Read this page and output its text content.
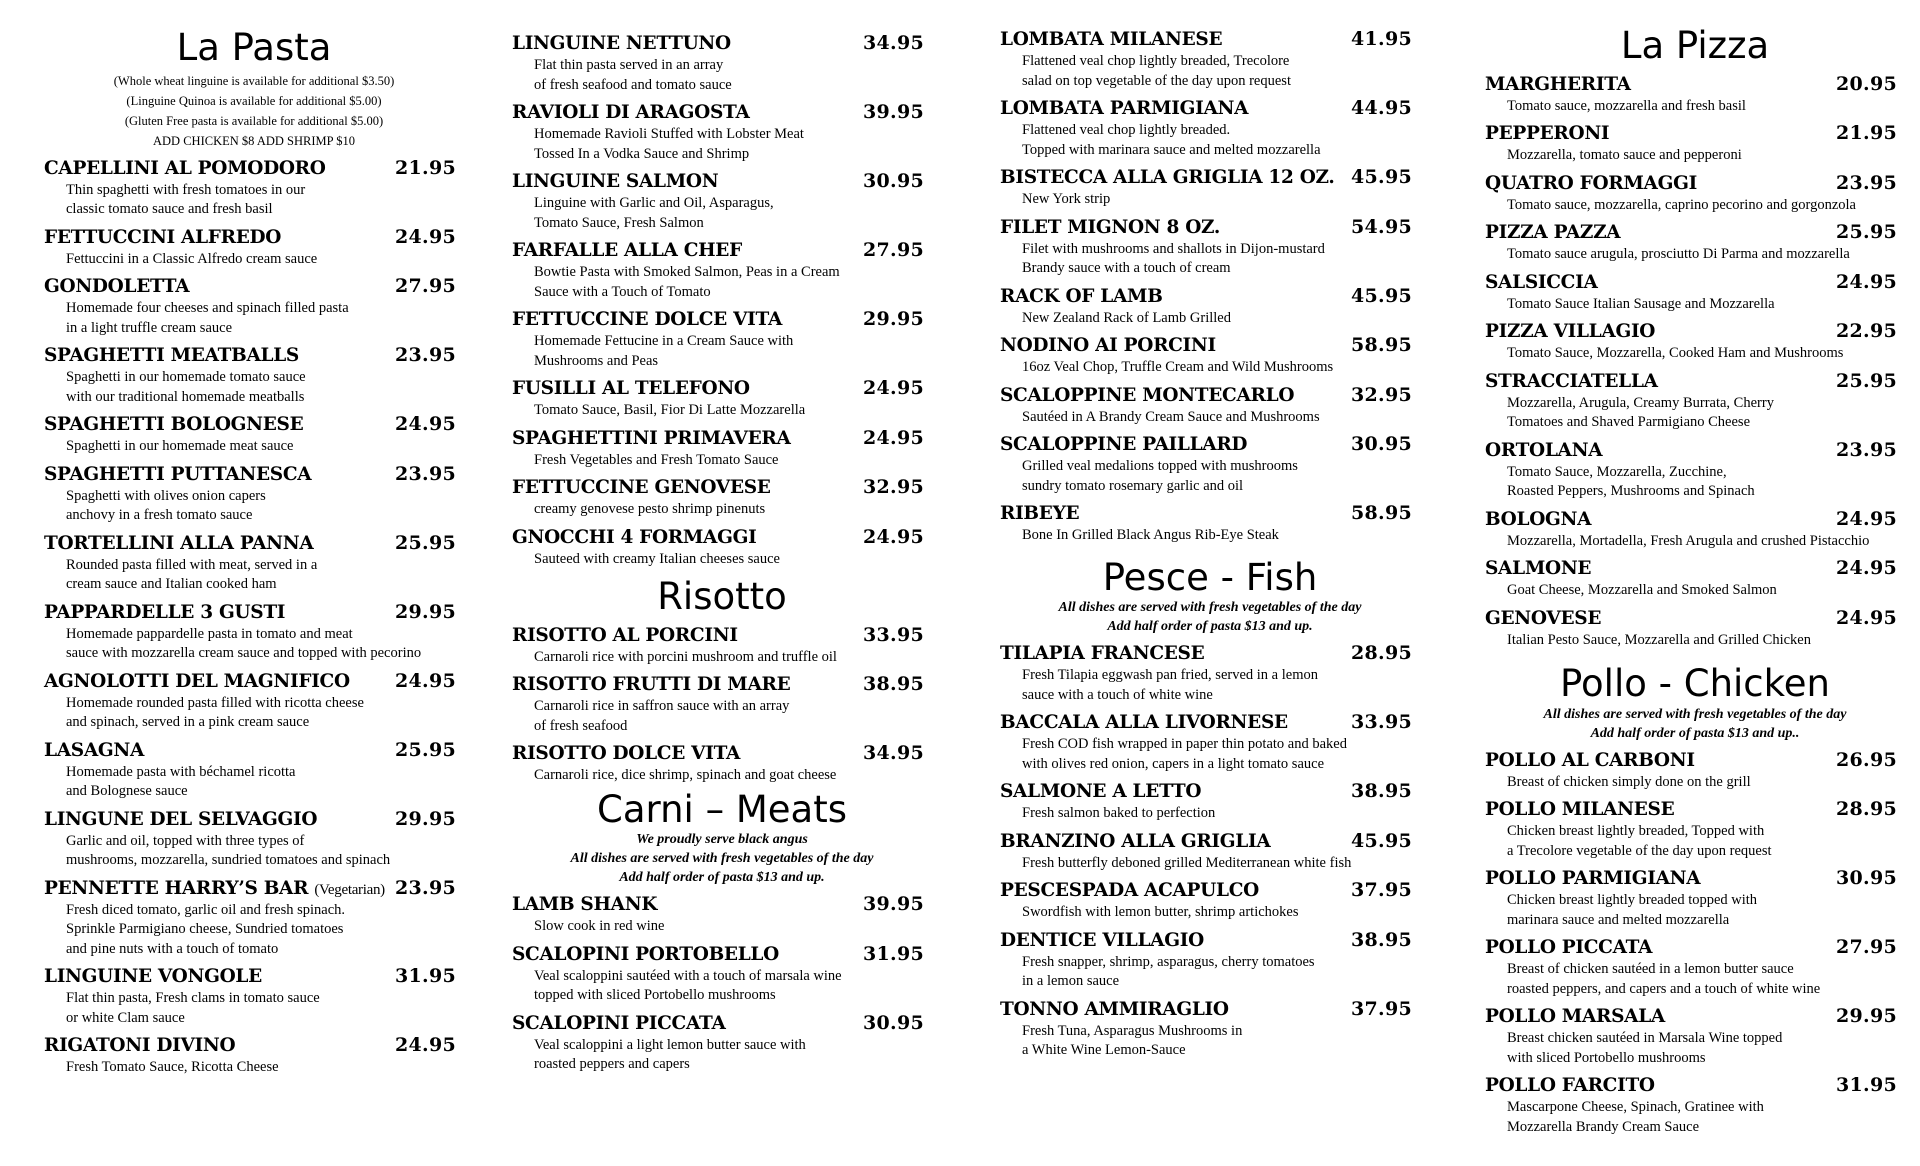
La Pasta
(Whole wheat linguine is available for additional $3.50)
(Linguine Quinoa is available for additional $5.00)
(Gluten Free pasta is available for additional $5.00)
ADD CHICKEN $8 ADD SHRIMP $10
CAPELLINI AL POMODORO	21.95
Thin spaghetti with fresh tomatoes in our
classic tomato sauce and fresh basil
FETTUCCINI ALFREDO	24.95
Fettuccini in a Classic Alfredo cream sauce
GONDOLETTA	27.95
Homemade four cheeses and spinach filled pasta
in a light truffle cream sauce
SPAGHETTI MEATBALLS	23.95
Spaghetti in our homemade tomato sauce
with our traditional homemade meatballs
SPAGHETTI BOLOGNESE	24.95
Spaghetti in our homemade meat sauce
SPAGHETTI PUTTANESCA	23.95
Spaghetti with olives onion capers
anchovy in a fresh tomato sauce
TORTELLINI ALLA PANNA	25.95
Rounded pasta filled with meat, served in a
cream sauce and Italian cooked ham
PAPPARDELLE 3 GUSTI	29.95
Homemade pappardelle pasta in tomato and meat
sauce with mozzarella cream sauce and topped with pecorino
AGNOLOTTI DEL MAGNIFICO 24.95
Homemade rounded pasta filled with ricotta cheese
and spinach, served in a pink cream sauce
LASAGNA	25.95
Homemade pasta with béchamel ricotta
and Bolognese sauce
LINGUNE DEL SELVAGGIO	29.95
Garlic and oil, topped with three types of
mushrooms, mozzarella, sundried tomatoes and spinach
PENNETTE HARRY’S BAR (Vegetarian) 23.95
Fresh diced tomato, garlic oil and fresh spinach.
Sprinkle Parmigiano cheese, Sundried tomatoes
and pine nuts with a touch of tomato
LINGUINE VONGOLE	31.95
Flat thin pasta, Fresh clams in tomato sauce
or white Clam sauce
RIGATONI DIVINO	24.95
Fresh Tomato Sauce, Ricotta Cheese
LINGUINE NETTUNO	34.95
Flat thin pasta served in an array
of fresh seafood and tomato sauce
RAVIOLI DI ARAGOSTA	39.95
Homemade Ravioli Stuffed with Lobster Meat
Tossed In a Vodka Sauce and Shrimp
LINGUINE SALMON	30.95
Linguine with Garlic and Oil, Asparagus,
Tomato Sauce, Fresh Salmon
FARFALLE ALLA CHEF	27.95
Bowtie Pasta with Smoked Salmon, Peas in a Cream
Sauce with a Touch of Tomato
FETTUCCINE DOLCE VITA	29.95
Homemade Fettucine in a Cream Sauce with
Mushrooms and Peas
FUSILLI AL TELEFONO	24.95
Tomato Sauce, Basil, Fior Di Latte Mozzarella
SPAGHETTINI PRIMAVERA	24.95
Fresh Vegetables and Fresh Tomato Sauce
FETTUCCINE GENOVESE	32.95
creamy genovese pesto shrimp pinenuts
GNOCCHI 4 FORMAGGI	24.95
Sauteed with creamy Italian cheeses sauce
Risotto
RISOTTO AL PORCINI	33.95
Carnaroli rice with porcini mushroom and truffle oil
RISOTTO FRUTTI DI MARE	38.95
Carnaroli rice in saffron sauce with an array
of fresh seafood
RISOTTO DOLCE VITA	34.95
Carnaroli rice, dice shrimp, spinach and goat cheese
Carni – Meats
We proudly serve black angus
All dishes are served with fresh vegetables of the day
Add half order of pasta $13 and up.
LAMB SHANK	39.95
Slow cook in red wine
SCALOPINI PORTOBELLO	31.95
Veal scaloppini sautéed with a touch of marsala wine
topped with sliced Portobello mushrooms
SCALOPINI PICCATA	30.95
Veal scaloppini a light lemon butter sauce with
roasted peppers and capers
LOMBATA MILANESE	41.95
Flattened veal chop lightly breaded, Trecolore
salad on top vegetable of the day upon request
LOMBATA PARMIGIANA	44.95
Flattened veal chop lightly breaded.
Topped with marinara sauce and melted mozzarella
BISTECCA ALLA GRIGLIA 12 OZ. 45.95
New York strip
FILET MIGNON 8 OZ.	54.95
Filet with mushrooms and shallots in Dijon-mustard
Brandy sauce with a touch of cream
RACK OF LAMB	45.95
New Zealand Rack of Lamb Grilled
NODINO AI PORCINI	58.95
16oz Veal Chop, Truffle Cream and Wild Mushrooms
SCALOPPINE MONTECARLO	32.95
Sautéed in A Brandy Cream Sauce and Mushrooms
SCALOPPINE PAILLARD	30.95
Grilled veal medalions topped with mushrooms
sundry tomato rosemary garlic and oil
RIBEYE	58.95
Bone In Grilled Black Angus Rib-Eye Steak
Pesce - Fish
All dishes are served with fresh vegetables of the day
Add half order of pasta $13 and up.
TILAPIA FRANCESE	28.95
Fresh Tilapia eggwash pan fried, served in a lemon
sauce with a touch of white wine
BACCALA ALLA LIVORNESE	33.95
Fresh COD fish wrapped in paper thin potato and baked
with olives red onion, capers in a light tomato sauce
SALMONE A LETTO	38.95
Fresh salmon baked to perfection
BRANZINO ALLA GRIGLIA	45.95
Fresh butterfly deboned grilled Mediterranean white fish
PESCESPADA ACAPULCO	37.95
Swordfish with lemon butter, shrimp artichokes
DENTICE VILLAGIO	38.95
Fresh snapper, shrimp, asparagus, cherry tomatoes
in a lemon sauce
TONNO AMMIRAGLIO	37.95
Fresh Tuna, Asparagus Mushrooms in
a White Wine Lemon-Sauce
La Pizza
MARGHERITA	20.95
Tomato sauce, mozzarella and fresh basil
PEPPERONI	21.95
Mozzarella, tomato sauce and pepperoni
QUATRO FORMAGGI	23.95
Tomato sauce, mozzarella, caprino pecorino and gorgonzola
PIZZA PAZZA	25.95
Tomato sauce arugula, prosciutto Di Parma and mozzarella
SALSICCIA	24.95
Tomato Sauce Italian Sausage and Mozzarella
PIZZA VILLAGIO	22.95
Tomato Sauce, Mozzarella, Cooked Ham and Mushrooms
STRACCIATELLA	25.95
Mozzarella, Arugula, Creamy Burrata, Cherry
Tomatoes and Shaved Parmigiano Cheese
ORTOLANA	23.95
Tomato Sauce, Mozzarella, Zucchine,
Roasted Peppers, Mushrooms and Spinach
BOLOGNA	24.95
Mozzarella, Mortadella, Fresh Arugula and crushed Pistacchio
SALMONE	24.95
Goat Cheese, Mozzarella and Smoked Salmon
GENOVESE	24.95
Italian Pesto Sauce, Mozzarella and Grilled Chicken
Pollo - Chicken
All dishes are served with fresh vegetables of the day
Add half order of pasta $13 and up..
POLLO AL CARBONI	26.95
Breast of chicken simply done on the grill
POLLO MILANESE	28.95
Chicken breast lightly breaded, Topped with
a Trecolore vegetable of the day upon request
POLLO PARMIGIANA	30.95
Chicken breast lightly breaded topped with
marinara sauce and melted mozzarella
POLLO PICCATA	27.95
Breast of chicken sautéed in a lemon butter sauce
roasted peppers, and capers and a touch of white wine
POLLO MARSALA	29.95
Breast chicken sautéed in Marsala Wine topped
with sliced Portobello mushrooms
POLLO FARCITO	31.95
Mascarpone Cheese, Spinach, Gratinee with
Mozzarella Brandy Cream Sauce
